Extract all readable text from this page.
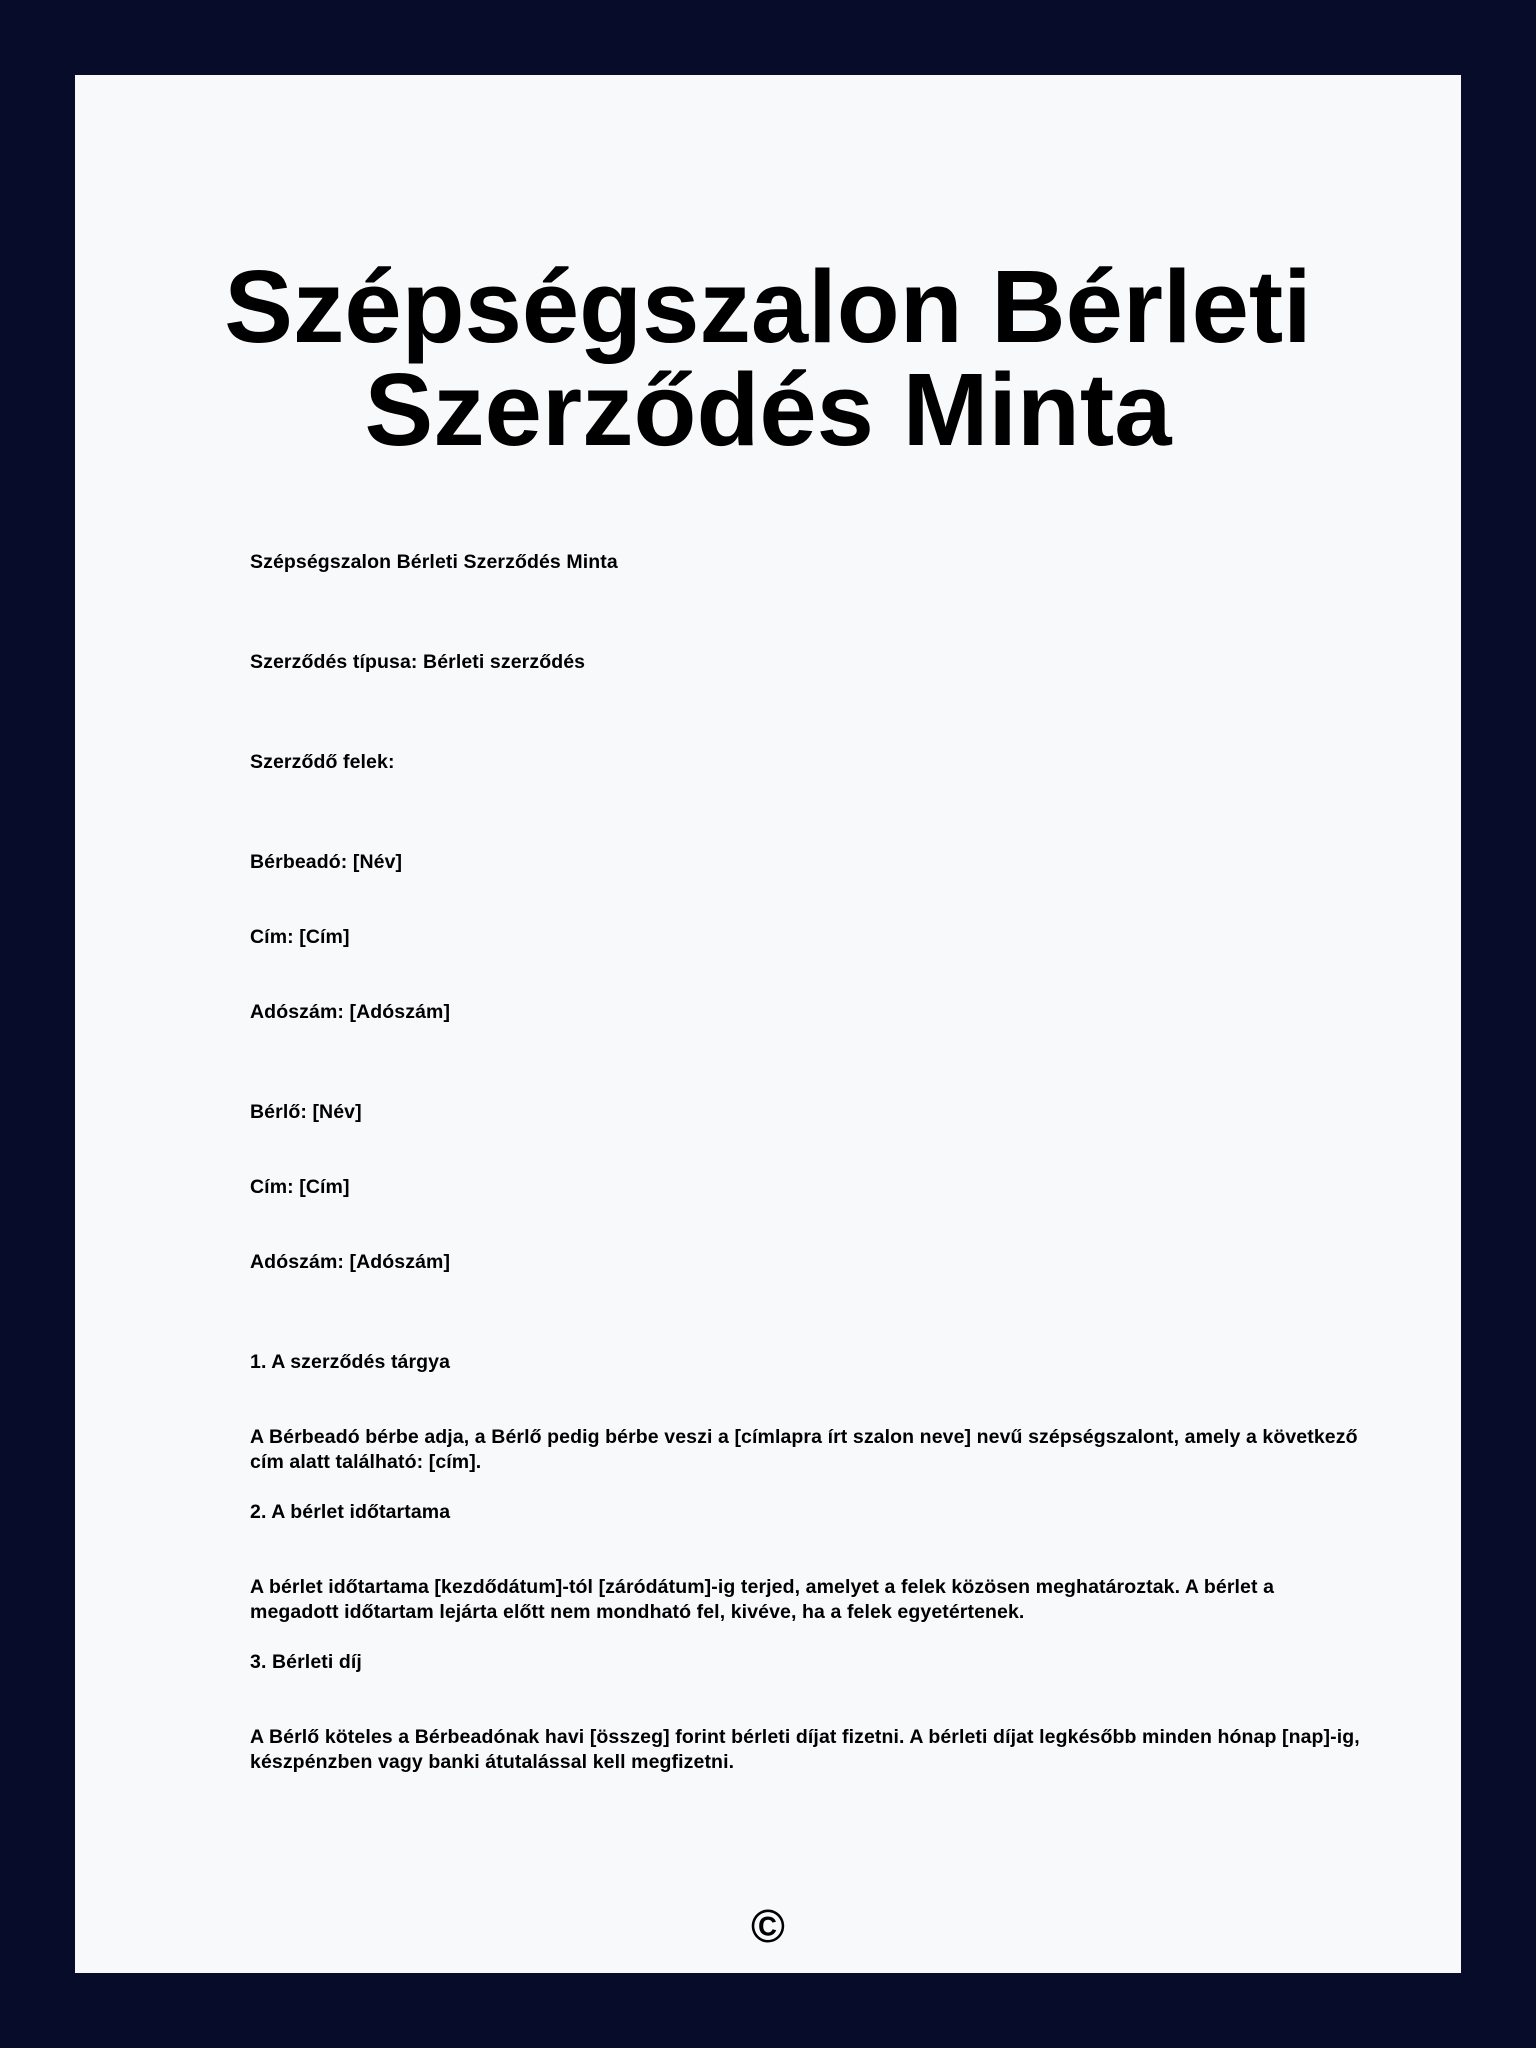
Szépségszalon Bérleti
Szerződés Minta

Szépségszalon Bérleti Szerződés Minta

Szerződés típusa: Bérleti szerződés

Szerződő felek:

Bérbeadó: [Név]

Cím: [Cím]

Adószám: [Adószám]

Bérlő: [Név]

Cím: [Cím]

Adószám: [Adószám]

1. A szerződés tárgya

A Bérbeadó bérbe adja, a Bérlő pedig bérbe veszi a [címlapra írt szalon neve] nevű szépségszalont, amely a következő cím alatt található: [cím].

2. A bérlet időtartama

A bérlet időtartama [kezdődátum]-tól [záródátum]-ig terjed, amelyet a felek közösen meghatároztak. A bérlet a megadott időtartam lejárta előtt nem mondható fel, kivéve, ha a felek egyetértenek.

3. Bérleti díj

A Bérlő köteles a Bérbeadónak havi [összeg] forint bérleti díjat fizetni. A bérleti díjat legkésőbb minden hónap [nap]-ig, készpénzben vagy banki átutalással kell megfizetni.

©
